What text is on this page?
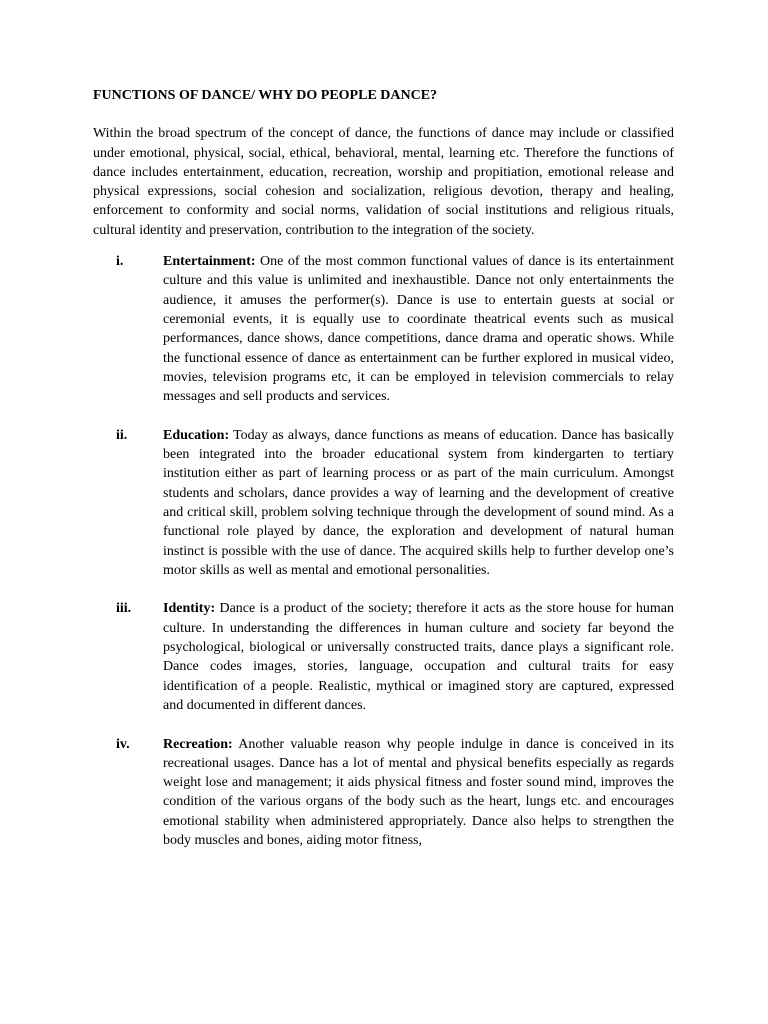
FUNCTIONS OF DANCE/ WHY DO PEOPLE DANCE?

Within the broad spectrum of the concept of dance, the functions of dance may include or classified under emotional, physical, social, ethical, behavioral, mental, learning etc. Therefore the functions of dance includes entertainment, education, recreation, worship and propitiation, emotional release and physical expressions, social cohesion and socialization, religious devotion, therapy and healing, enforcement to conformity and social norms, validation of social institutions and religious rituals, cultural identity and preservation, contribution to the integration of the society.

i.	Entertainment: One of the most common functional values of dance is its entertainment culture and this value is unlimited and inexhaustible. Dance not only entertainments the audience, it amuses the performer(s). Dance is use to entertain guests at social or ceremonial events, it is equally use to coordinate theatrical events such as musical performances, dance shows, dance competitions, dance drama and operatic shows. While the functional essence of dance as entertainment can be further explored in musical video, movies, television programs etc, it can be employed in television commercials to relay messages and sell products and services.
ii.	Education: Today as always, dance functions as means of education. Dance has basically been integrated into the broader educational system from kindergarten to tertiary institution either as part of learning process or as part of the main curriculum. Amongst students and scholars, dance provides a way of learning and the development of creative and critical skill, problem solving technique through the development of sound mind. As a functional role played by dance, the exploration and development of natural human instinct is possible with the use of dance. The acquired skills help to further develop one’s motor skills as well as mental and emotional personalities.
iii. Identity: Dance is a product of the society; therefore it acts as the store house for human culture. In understanding the differences in human culture and society far beyond the psychological, biological or universally constructed traits, dance plays a significant role. Dance codes images, stories, language, occupation and cultural traits for easy identification of a people. Realistic, mythical or imagined story are captured, expressed and documented in different dances.
iv. Recreation: Another valuable reason why people indulge in dance is conceived in its recreational usages. Dance has a lot of mental and physical benefits especially as regards weight lose and management; it aids physical fitness and foster sound mind, improves the condition of the various organs of the body such as the heart, lungs etc. and encourages emotional stability when administered appropriately. Dance also helps to strengthen the body muscles and bones, aiding motor fitness,
